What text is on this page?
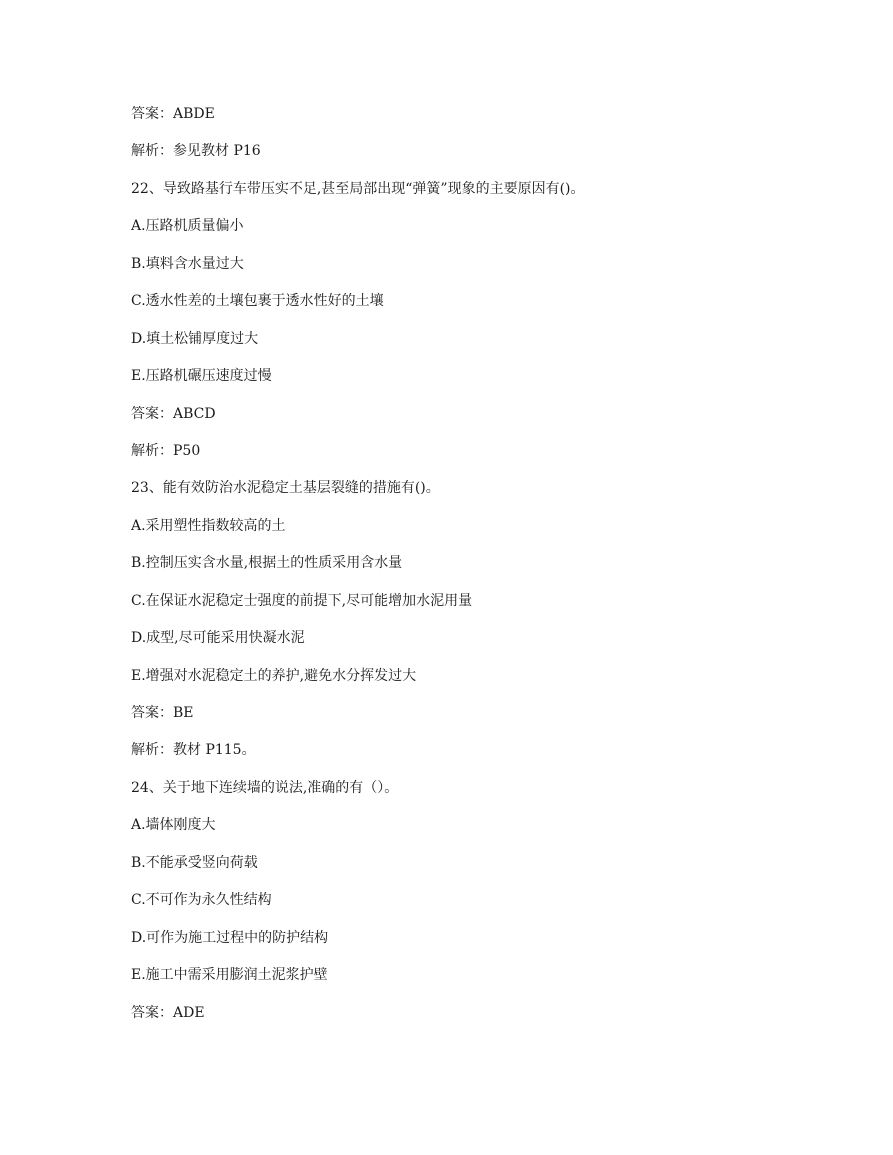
答案：ABDE
解析：参见教材 P16
22、导致路基行车带压实不足,甚至局部出现“弹簧”现象的主要原因有()。
A.压路机质量偏小
B.填料含水量过大
C.透水性差的土壤包裹于透水性好的土壤
D.填土松铺厚度过大
E.压路机碾压速度过慢
答案：ABCD
解析：P50
23、能有效防治水泥稳定土基层裂缝的措施有()。
A.采用塑性指数较高的土
B.控制压实含水量,根据土的性质采用含水量
C.在保证水泥稳定士强度的前提下,尽可能增加水泥用量
D.成型,尽可能采用快凝水泥
E.增强对水泥稳定土的养护,避免水分挥发过大
答案：BE
解析：教材 P115。
24、关于地下连续墙的说法,准确的有（）。
A.墙体刚度大
B.不能承受竖向荷载
C.不可作为永久性结构
D.可作为施工过程中的防护结构
E.施工中需采用膨润土泥浆护壁
答案：ADE
